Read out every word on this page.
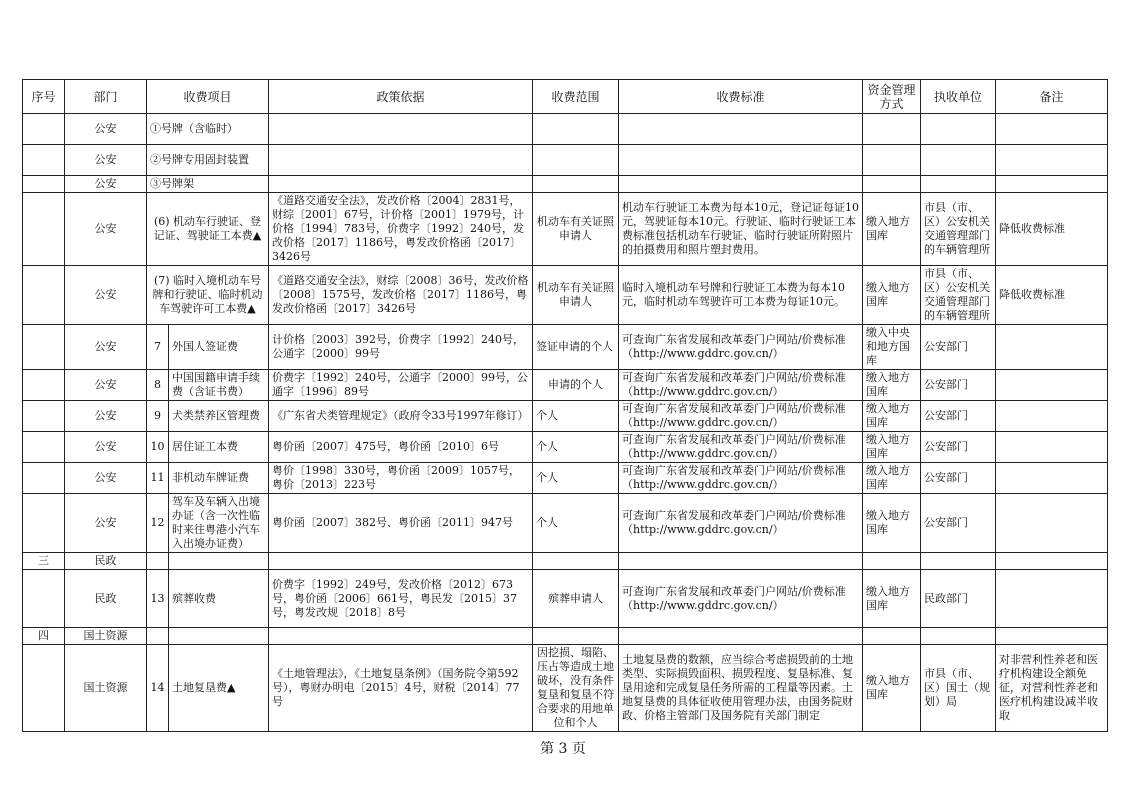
序号	部门	收费项目		政策依据	收费范围	收费标准	资金管理方式	执收单位	备注
	公安	①号牌（含临时）							
	公安	②号牌专用固封装置							
	公安	③号牌架							
	公安	(6) 机动车行驶证、登记证、驾驶证工本费▲		《道路交通安全法》，发改价格〔2004〕2831号，财综〔2001〕67号，计价格〔2001〕1979号，计价格〔1994〕783号，价费字〔1992〕240号，发改价格〔2017〕1186号，粤发改价格函〔2017〕3426号	机动车有关证照申请人	机动车行驶证工本费为每本10元，登记证每证10元，驾驶证每本10元。行驶证、临时行驶证工本费标准包括机动车行驶证、临时行驶证所附照片的拍摄费用和照片塑封费用。	缴入地方国库	市县（市、区）公安机关交通管理部门的车辆管理所	降低收费标准
	公安	(7) 临时入境机动车号牌和行驶证、临时机动车驾驶许可工本费▲		《道路交通安全法》，财综〔2008〕36号，发改价格〔2008〕1575号，发改价格〔2017〕1186号，粤发改价格函〔2017〕3426号	机动车有关证照申请人	临时入境机动车号牌和行驶证工本费为每本10元，临时机动车驾驶许可工本费为每证10元。	缴入地方国库	市县（市、区）公安机关交通管理部门的车辆管理所	降低收费标准
	公安	7	外国人签证费	计价格〔2003〕392号，价费字〔1992〕240号，公通字〔2000〕99号	签证申请的个人	可查询广东省发展和改革委门户网站/价费标准（http://www.gddrc.gov.cn/）	缴入中央和地方国库	公安部门	
	公安	8	中国国籍申请手续费（含证书费）	价费字〔1992〕240号，公通字〔2000〕99号，公通字〔1996〕89号	申请的个人	可查询广东省发展和改革委门户网站/价费标准（http://www.gddrc.gov.cn/）	缴入地方国库	公安部门	
	公安	9	犬类禁养区管理费	《广东省犬类管理规定》（政府令33号1997年修订）	个人	可查询广东省发展和改革委门户网站/价费标准（http://www.gddrc.gov.cn/）	缴入地方国库	公安部门	
	公安	10	居住证工本费	粤价函〔2007〕475号，粤价函〔2010〕6号	个人	可查询广东省发展和改革委门户网站/价费标准（http://www.gddrc.gov.cn/）	缴入地方国库	公安部门	
	公安	11	非机动车牌证费	粤价〔1998〕330号，粤价函〔2009〕1057号，粤价〔2013〕223号	个人	可查询广东省发展和改革委门户网站/价费标准（http://www.gddrc.gov.cn/）	缴入地方国库	公安部门	
	公安	12	驾车及车辆入出境办证（含一次性临时来往粤港小汽车入出境办证费）	粤价函〔2007〕382号、粤价函〔2011〕947号	个人	可查询广东省发展和改革委门户网站/价费标准（http://www.gddrc.gov.cn/）	缴入地方国库	公安部门	
三	民政								
	民政	13	殡葬收费	价费字〔1992〕249号，发改价格〔2012〕673号，粤价函〔2006〕661号，粤民发〔2015〕37号，粤发改规〔2018〕8号	殡葬申请人	可查询广东省发展和改革委门户网站/价费标准（http://www.gddrc.gov.cn/）	缴入地方国库	民政部门	
四	国土资源								
	国土资源	14	土地复垦费▲	《土地管理法》，《土地复垦条例》（国务院令第592号），粤财办明电〔2015〕4号，财税〔2014〕77号	因挖损、塌陷、压占等造成土地破坏，没有条件复垦和复垦不符合要求的用地单位和个人	土地复垦费的数额，应当综合考虑损毁前的土地类型、实际损毁面积、损毁程度、复垦标准、复垦用途和完成复垦任务所需的工程量等因素。土地复垦费的具体征收使用管理办法，由国务院财政、价格主管部门及国务院有关部门制定	缴入地方国库	市县（市、区）国土（规划）局	对非营利性养老和医疗机构建设全额免征，对营利性养老和医疗机构建设减半收取
第 3 页
